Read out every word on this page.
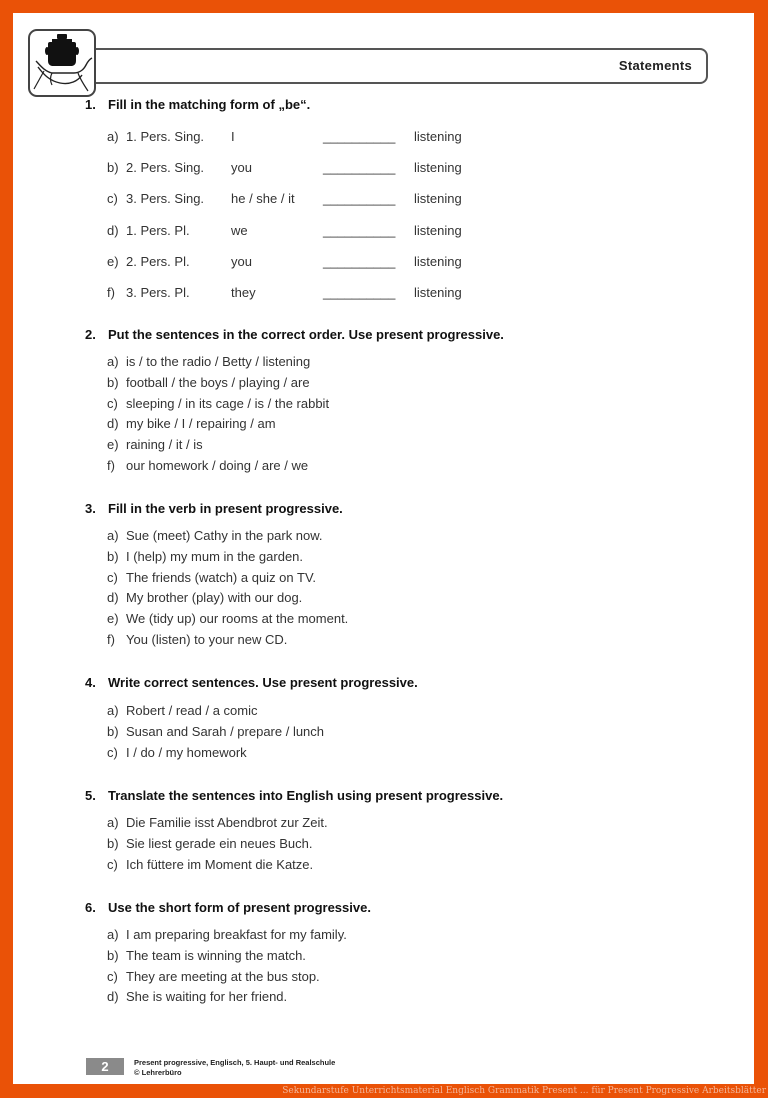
Statements
1. Fill in the matching form of „be“.
a) 1. Pers. Sing. I	__________ listening
b) 2. Pers. Sing. you	__________ listening
c) 3. Pers. Sing. he / she / it __________ listening
d) 1. Pers. Pl.	we	__________ listening
e) 2. Pers. Pl.	you	__________ listening
f) 3. Pers. Pl.	they	__________ listening
2. Put the sentences in the correct order. Use present progressive.
a) is / to the radio / Betty / listening
b) football / the boys / playing / are
c) sleeping / in its cage / is / the rabbit
d) my bike / I / repairing / am
e) raining / it / is
f) our homework / doing / are / we
3. Fill in the verb in present progressive.
a) Sue (meet) Cathy in the park now.
b) I (help) my mum in the garden.
c) The friends (watch) a quiz on TV.
d) My brother (play) with our dog.
e) We (tidy up) our rooms at the moment.
f) You (listen) to your new CD.
4. Write correct sentences. Use present progressive.
a) Robert / read / a comic
b) Susan and Sarah / prepare / lunch
c) I / do / my homework
5. Translate the sentences into English using present progressive.
a) Die Familie isst Abendbrot zur Zeit.
b) Sie liest gerade ein neues Buch.
c) Ich füttere im Moment die Katze.
6. Use the short form of present progressive.
a) I am preparing breakfast for my family.
b) The team is winning the match.
c) They are meeting at the bus stop.
d) She is waiting for her friend.
2	Present progressive, Englisch, 5. Haupt- und Realschule
© Lehrerbüro
Sekundarstufe Unterrichtsmaterial Englisch Grammatik Present ... für Present Progressive Arbeitsblätter
